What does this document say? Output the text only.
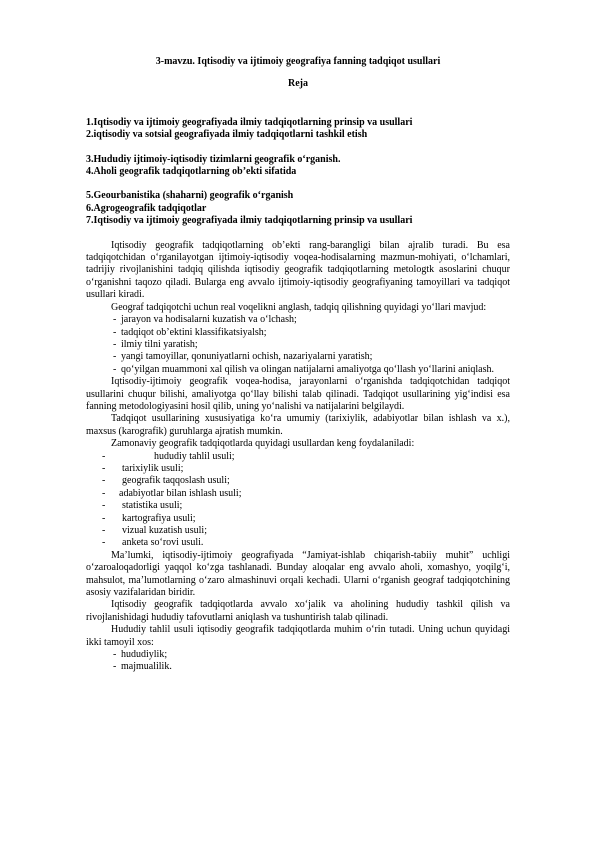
3-mavzu. Iqtisodiy va ijtimoiy geografiya fanning tadqiqot usullari

Reja

1.Iqtisodiy va ijtimoiy geografiyada ilmiy tadqiqotlarning prinsip va usullari

2.iqtisodiy va sotsial geografiyada ilmiy tadqiqotlarni tashkil etish

3.Hududiy ijtimoiy-iqtisodiy tizimlarni geografik o‘rganish.

4.Aholi geografik tadqiqotlarning ob’ekti sifatida

5.Geourbanistika (shaharni) geografik o‘rganish

6.Agrogeografik tadqiqotlar

7.Iqtisodiy va ijtimoiy geografiyada ilmiy tadqiqotlarning prinsip va usullari

Iqtisodiy geografik tadqiqotlarning ob’ekti rang-barangligi bilan ajralib turadi. Bu esa tadqiqotchidan o‘rganilayotgan ijtimoiy-iqtisodiy voqea-hodisalarning mazmun-mohiyati, o‘lchamlari, tadrijiy rivojlanishini tadqiq qilishda iqtisodiy geografik tadqiqotlarning metologtk asoslarini chuqur o‘rganishni taqozo qiladi. Bularga eng avvalo ijtimoiy-iqtisodiy geografiyaning tamoyillari va tadqiqot usullari kiradi.

Geograf tadqiqotchi uchun real voqelikni anglash, tadqiq qilishning quyidagi yo‘llari mavjud:

- jarayon va hodisalarni kuzatish va o‘lchash;
- tadqiqot ob’ektini klassifikatsiyalsh;
- ilmiy tilni yaratish;
- yangi tamoyillar, qonuniyatlarni ochish, nazariyalarni yaratish;
- qo‘yilgan muammoni xal qilish va olingan natijalarni amaliyotga qo‘llash yo‘llarini aniqlash.

Iqtisodiy-ijtimoiy geografik voqea-hodisa, jarayonlarni o‘rganishda tadqiqotchidan tadqiqot usullarini chuqur bilishi, amaliyotga qo‘llay bilishi talab qilinadi. Tadqiqot usullarining yig‘indisi esa fanning metodologiyasini hosil qilib, uning yo‘nalishi va natijalarini belgilaydi.

Tadqiqot usullarining xususiyatiga ko‘ra umumiy (tarixiylik, adabiyotlar bilan ishlash va x.), maxsus (karografik) guruhlarga ajratish mumkin.

Zamonaviy geografik tadqiqotlarda quyidagi usullardan keng foydalaniladi:

- hududiy tahlil usuli;
- tarixiylik usuli;
- geografik taqqoslash usuli;
- adabiyotlar bilan ishlash usuli;
- statistika usuli;
- kartografiya usuli;
- vizual kuzatish usuli;
- anketa so‘rovi usuli.

Ma’lumki, iqtisodiy-ijtimoiy geografiyada “Jamiyat-ishlab chiqarish-tabiiy muhit” uchligi o‘zaroaloqadorligi yaqqol ko‘zga tashlanadi. Bunday aloqalar eng avvalo aholi, xomashyo, yoqilg‘i, mahsulot, ma’lumotlarning o‘zaro almashinuvi orqali kechadi. Ularni o‘rganish geograf tadqiqotchining asosiy vazifalaridan biridir.

Iqtisodiy geografik tadqiqotlarda avvalo xo‘jalik va aholining hududiy tashkil qilish va rivojlanishidagi hududiy tafovutlarni aniqlash va tushuntirish talab qilinadi.

Hududiy tahlil usuli iqtisodiy geografik tadqiqotlarda muhim o‘rin tutadi. Uning uchun quyidagi ikki tamoyil xos:

- hududiylik;
- majmualilik.
